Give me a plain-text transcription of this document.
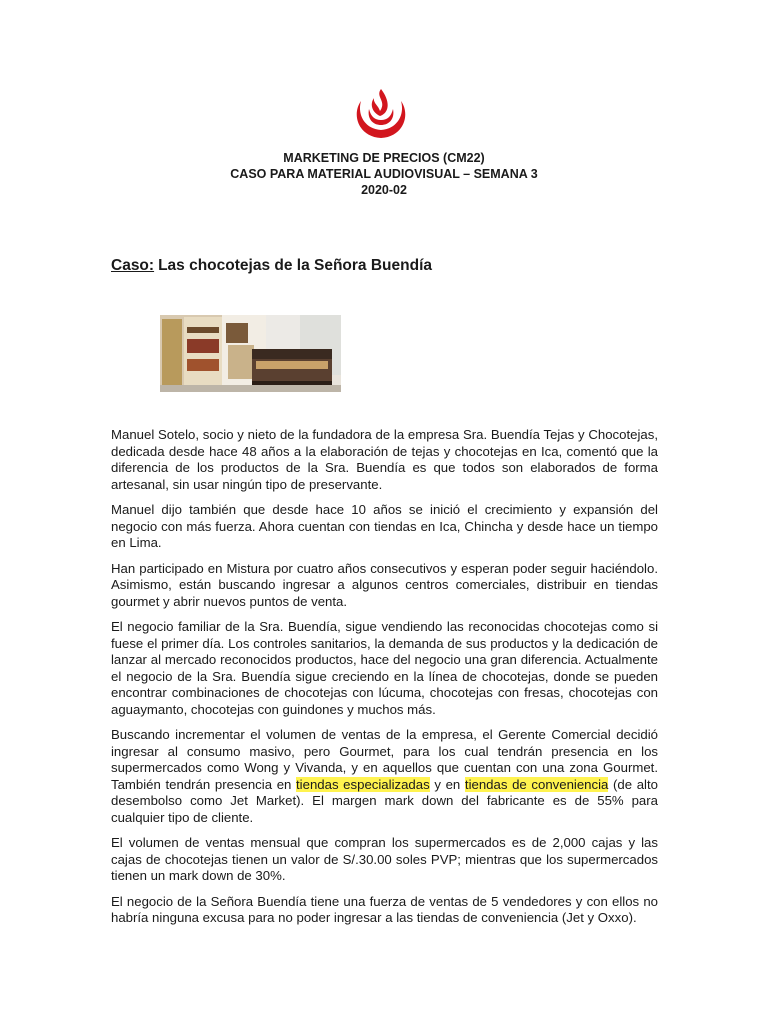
MARKETING DE PRECIOS (CM22)
CASO PARA MATERIAL AUDIOVISUAL – SEMANA 3
2020-02
Caso: Las chocotejas de la Señora Buendía

Manuel Sotelo, socio y nieto de la fundadora de la empresa Sra. Buendía Tejas y Chocotejas, dedicada desde hace 48 años a la elaboración de tejas y chocotejas en Ica, comentó que la diferencia de los productos de la Sra. Buendía es que todos son elaborados de forma artesanal, sin usar ningún tipo de preservante.

Manuel dijo también que desde hace 10 años se inició el crecimiento y expansión del negocio con más fuerza. Ahora cuentan con tiendas en Ica, Chincha y desde hace un tiempo en Lima.

Han participado en Mistura por cuatro años consecutivos y esperan poder seguir haciéndolo. Asimismo, están buscando ingresar a algunos centros comerciales, distribuir en tiendas gourmet y abrir nuevos puntos de venta.

El negocio familiar de la Sra. Buendía, sigue vendiendo las reconocidas chocotejas como si fuese el primer día. Los controles sanitarios, la demanda de sus productos y la dedicación de lanzar al mercado reconocidos productos, hace del negocio una gran diferencia. Actualmente el negocio de la Sra. Buendía sigue creciendo en la línea de chocotejas, donde se pueden encontrar combinaciones de chocotejas con lúcuma, chocotejas con fresas, chocotejas con aguaymanto, chocotejas con guindones y muchos más.

Buscando incrementar el volumen de ventas de la empresa, el Gerente Comercial decidió ingresar al consumo masivo, pero Gourmet, para los cual tendrán presencia en los supermercados como Wong y Vivanda, y en aquellos que cuentan con una zona Gourmet. También tendrán presencia en tiendas especializadas y en tiendas de conveniencia (de alto desembolso como Jet Market). El margen mark down del fabricante es de 55% para cualquier tipo de cliente.

El volumen de ventas mensual que compran los supermercados es de 2,000 cajas y las cajas de chocotejas tienen un valor de S/.30.00 soles PVP; mientras que los supermercados tienen un mark down de 30%.

El negocio de la Señora Buendía tiene una fuerza de ventas de 5 vendedores y con ellos no habría ninguna excusa para no poder ingresar a las tiendas de conveniencia (Jet y Oxxo).
